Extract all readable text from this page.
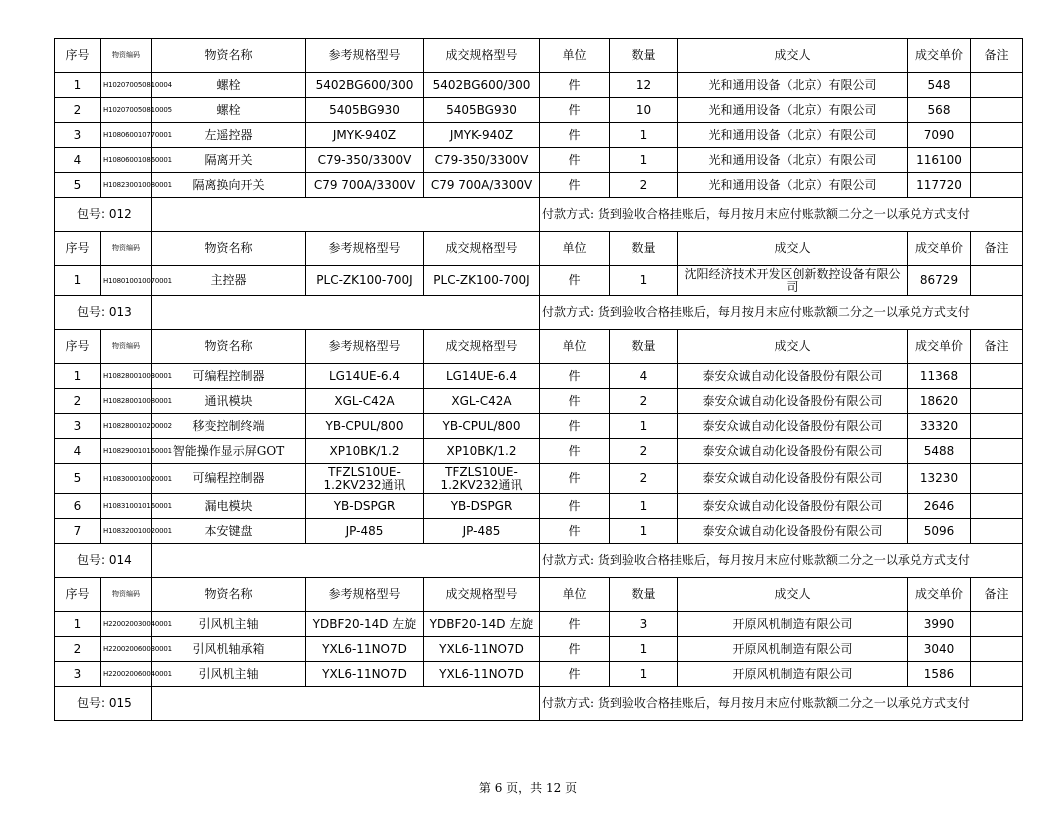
序号	物资编码	物资名称	参考规格型号	成交规格型号	单位	数量	成交人	成交单价	备注
1	H102070050810004	螺栓	5402BG600/300	5402BG600/300	件	12	光和通用设备（北京）有限公司	548	
2	H102070050810005	螺栓	5405BG930	5405BG930	件	10	光和通用设备（北京）有限公司	568	
3	H108060010770001	左遥控器	JMYK-940Z	JMYK-940Z	件	1	光和通用设备（北京）有限公司	7090	
4	H108060010860001	隔离开关	C79-350/3300V	C79-350/3300V	件	1	光和通用设备（北京）有限公司	116100	
5	H108230010080001	隔离换向开关	C79 700A/3300V	C79 700A/3300V	件	2	光和通用设备（北京）有限公司	117720	
包号: 012					付款方式: 货到验收合格挂账后，每月按月末应付账款额二分之一以承兑方式支付				
序号	物资编码	物资名称	参考规格型号	成交规格型号	单位	数量	成交人	成交单价	备注
1	H108010010070001	主控器	PLC-ZK100-700J	PLC-ZK100-700J	件	1	沈阳经济技术开发区创新数控设备有限公司	86729	
包号: 013					付款方式: 货到验收合格挂账后，每月按月末应付账款额二分之一以承兑方式支付				
序号	物资编码	物资名称	参考规格型号	成交规格型号	单位	数量	成交人	成交单价	备注
1	H108280010030001	可编程控制器	LG14UE-6.4	LG14UE-6.4	件	4	泰安众诚自动化设备股份有限公司	11368	
2	H108280010080001	通讯模块	XGL-C42A	XGL-C42A	件	2	泰安众诚自动化设备股份有限公司	18620	
3	H108280010200002	移变控制终端	YB-CPUL/800	YB-CPUL/800	件	1	泰安众诚自动化设备股份有限公司	33320	
4	H108290010160001	智能操作显示屏GOT	XP10BK/1.2	XP10BK/1.2	件	2	泰安众诚自动化设备股份有限公司	5488	
5	H108300010020001	可编程控制器	TFZLS10UE-1.2KV232通讯	TFZLS10UE-1.2KV232通讯	件	2	泰安众诚自动化设备股份有限公司	13230	
6	H108310010160001	漏电模块	YB-DSPGR	YB-DSPGR	件	1	泰安众诚自动化设备股份有限公司	2646	
7	H108320010020001	本安键盘	JP-485	JP-485	件	1	泰安众诚自动化设备股份有限公司	5096	
包号: 014					付款方式: 货到验收合格挂账后，每月按月末应付账款额二分之一以承兑方式支付				
序号	物资编码	物资名称	参考规格型号	成交规格型号	单位	数量	成交人	成交单价	备注
1	H220020030040001	引风机主轴	YDBF20-14D 左旋	YDBF20-14D 左旋	件	3	开原风机制造有限公司	3990	
2	H220020060030001	引风机轴承箱	YXL6-11NO7D	YXL6-11NO7D	件	1	开原风机制造有限公司	3040	
3	H220020060040001	引风机主轴	YXL6-11NO7D	YXL6-11NO7D	件	1	开原风机制造有限公司	1586	
包号: 015					付款方式: 货到验收合格挂账后，每月按月末应付账款额二分之一以承兑方式支付				
第 6 页，共 12 页
